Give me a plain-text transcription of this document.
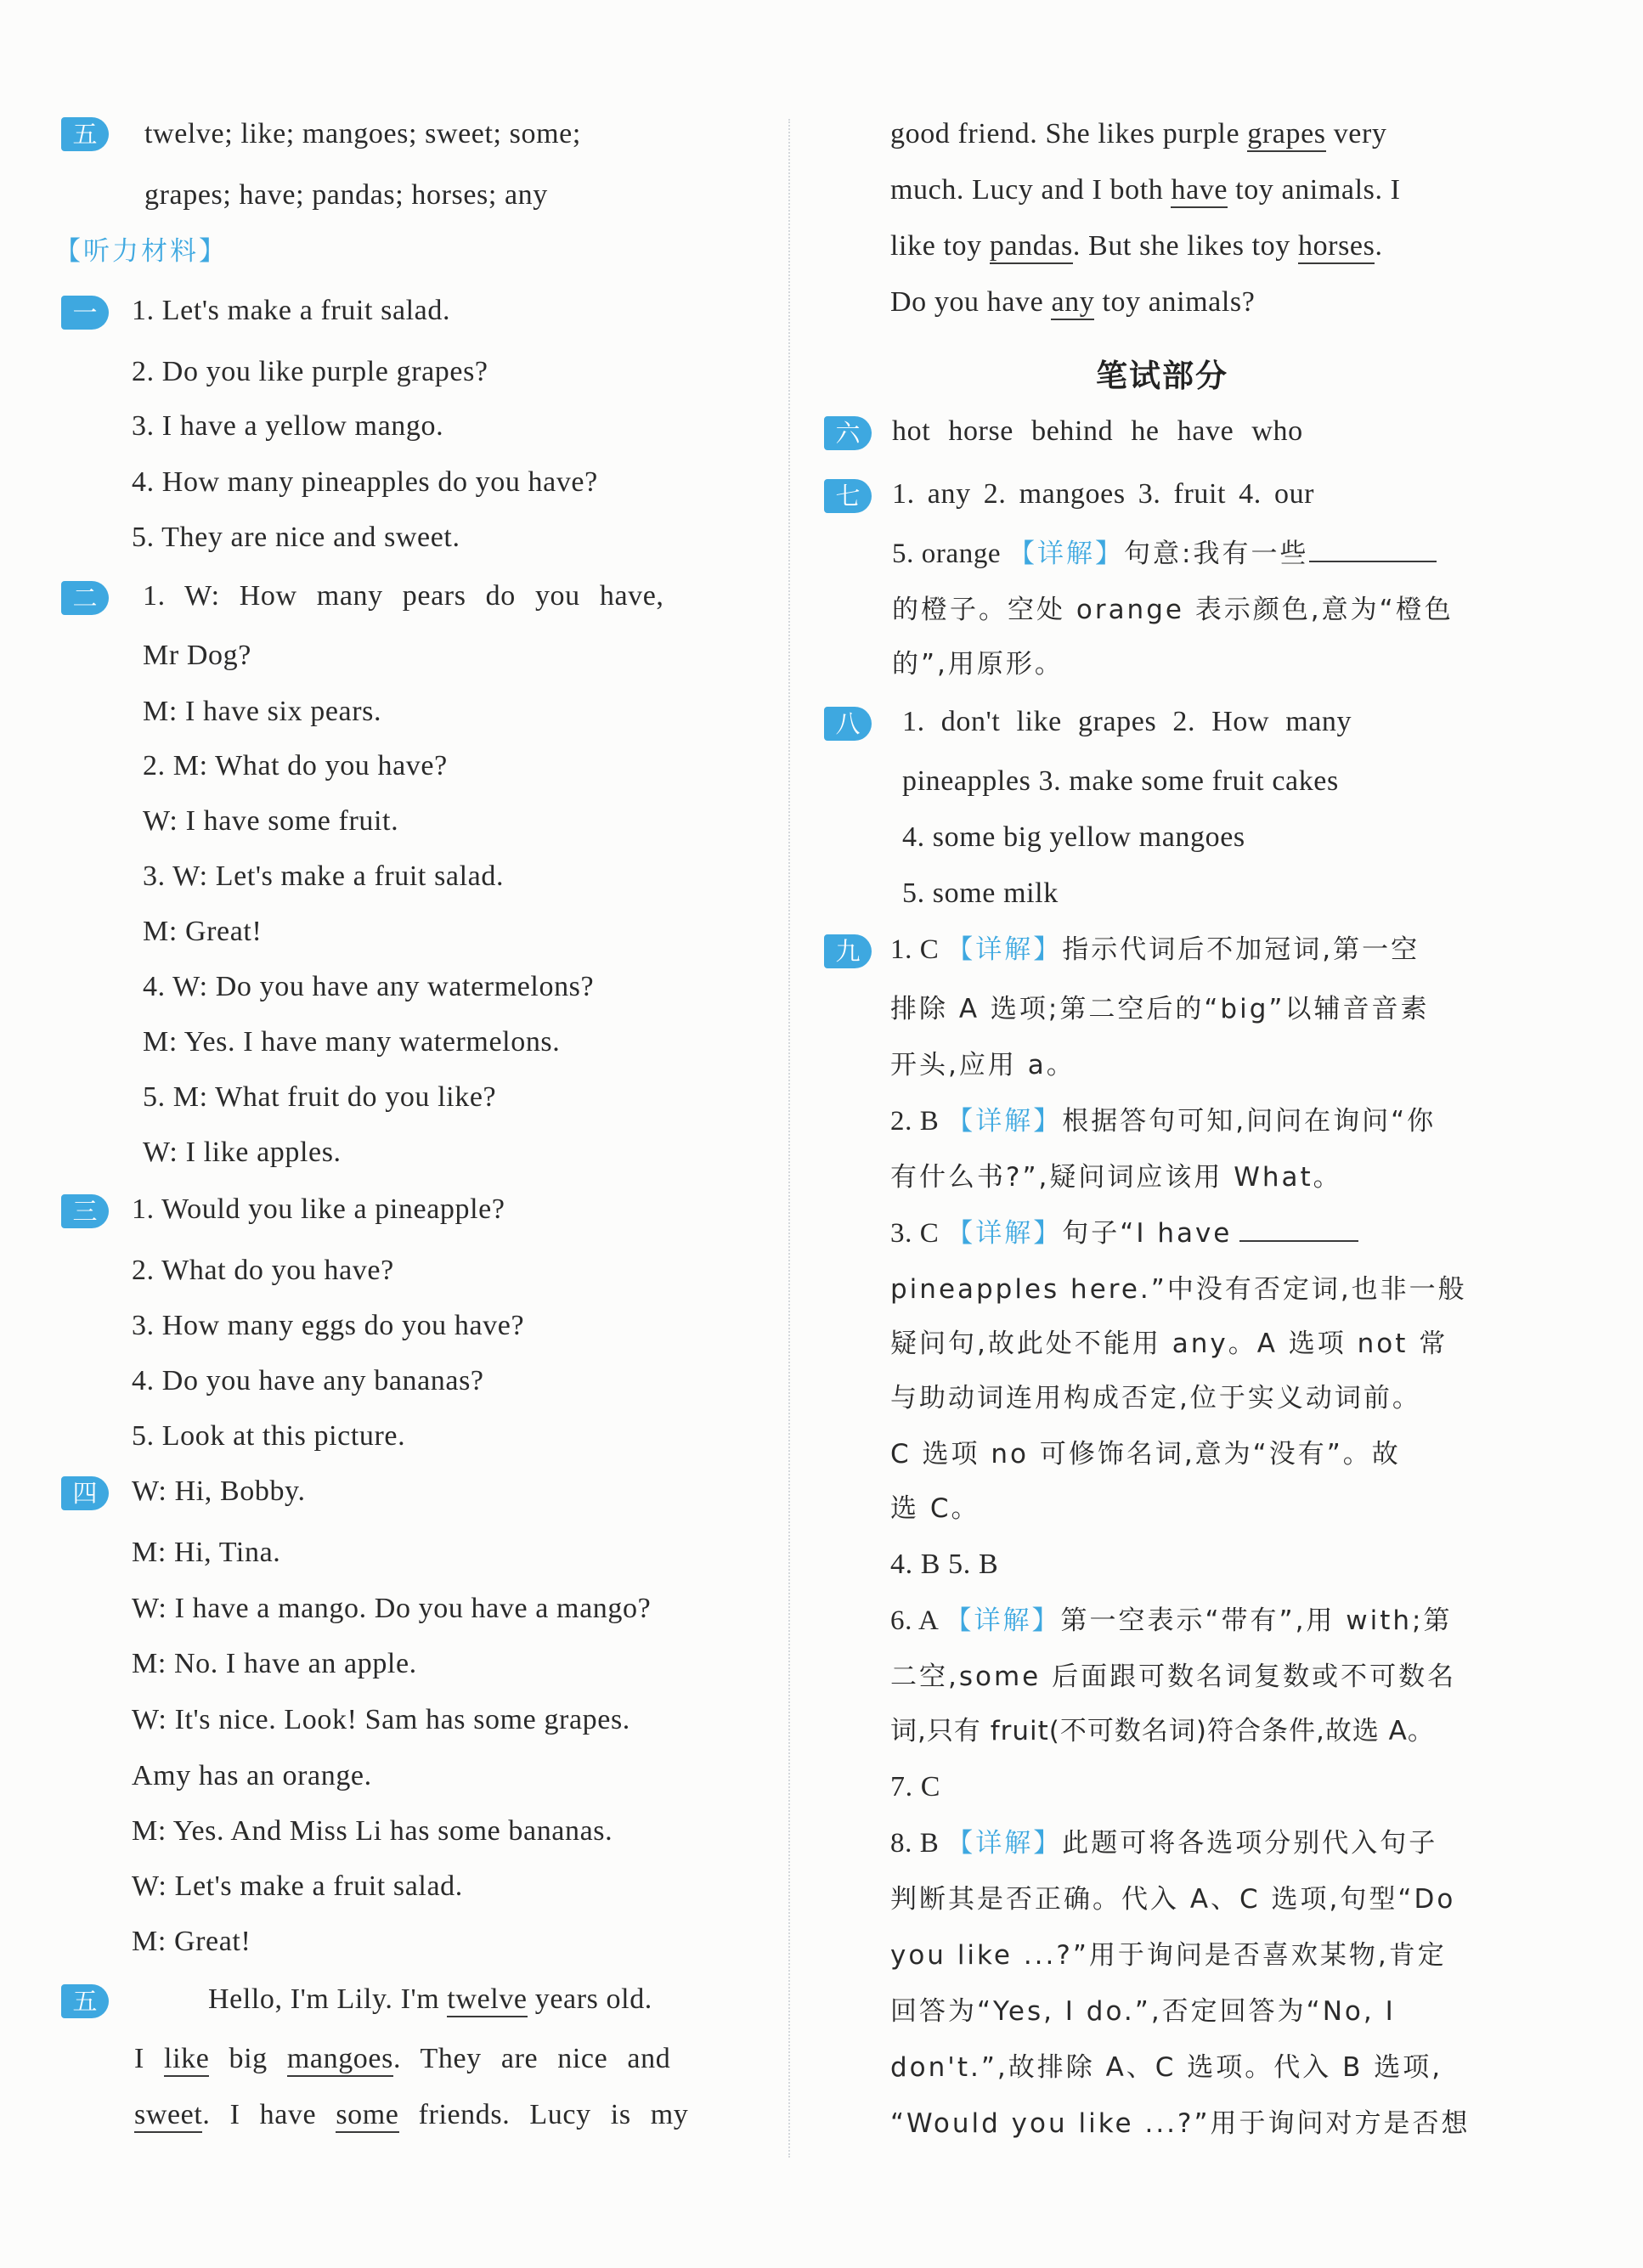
五	twelve; like; mangoes; sweet; some;
grapes; have; pandas; horses; any
【听力材料】
一	1. Let's make a fruit salad.
2. Do you like purple grapes?
3. I have a yellow mango.
4. How many pineapples do you have?
5. They are nice and sweet.
二	1. W: How many pears do you have,
Mr Dog?
M: I have six pears.
2. M: What do you have?
W: I have some fruit.
3. W: Let's make a fruit salad.
M: Great!
4. W: Do you have any watermelons?
M: Yes. I have many watermelons.
5. M: What fruit do you like?
W: I like apples.
三	1. Would you like a pineapple?
2. What do you have?
3. How many eggs do you have?
4. Do you have any bananas?
5. Look at this picture.
四	W: Hi, Bobby.
M: Hi, Tina.
W: I have a mango. Do you have a mango?
M: No. I have an apple.
W: It's nice. Look! Sam has some grapes.
Amy has an orange.
M: Yes. And Miss Li has some bananas.
W: Let's make a fruit salad.
M: Great!
五	Hello, I'm Lily. I'm twelve years old.
I like big mangoes. They are nice and
sweet. I have some friends. Lucy is my
good friend. She likes purple grapes very
much. Lucy and I both have toy animals. I
like toy pandas. But she likes toy horses.
Do you have any toy animals?
笔试部分
六	hot horse behind he have who
七	1. any 2. mangoes 3. fruit 4. our
5. orange 【详解】句意:我有一些
的橙子。空处 orange 表示颜色,意为“橙色
的”,用原形。
八	1. don't like grapes 2. How many
pineapples 3. make some fruit cakes
4. some big yellow mangoes
5. some milk
九	1. C 【详解】指示代词后不加冠词,第一空
排除 A 选项;第二空后的“big”以辅音音素
开头,应用 a。
2. B 【详解】根据答句可知,问问在询问“你
有什么书?”,疑问词应该用 What。
3. C 【详解】句子“I have
pineapples here.”中没有否定词,也非一般
疑问句,故此处不能用 any。A 选项 not 常
与助动词连用构成否定,位于实义动词前。
C 选项 no 可修饰名词,意为“没有”。故
选 C。
4. B 5. B
6. A 【详解】第一空表示“带有”,用 with;第
二空,some 后面跟可数名词复数或不可数名
词,只有 fruit(不可数名词)符合条件,故选 A。
7. C
8. B 【详解】此题可将各选项分别代入句子
判断其是否正确。代入 A、C 选项,句型“Do
you like ...?”用于询问是否喜欢某物,肯定
回答为“Yes, I do.”,否定回答为“No, I
don't.”,故排除 A、C 选项。代入 B 选项,
“Would you like ...?”用于询问对方是否想
